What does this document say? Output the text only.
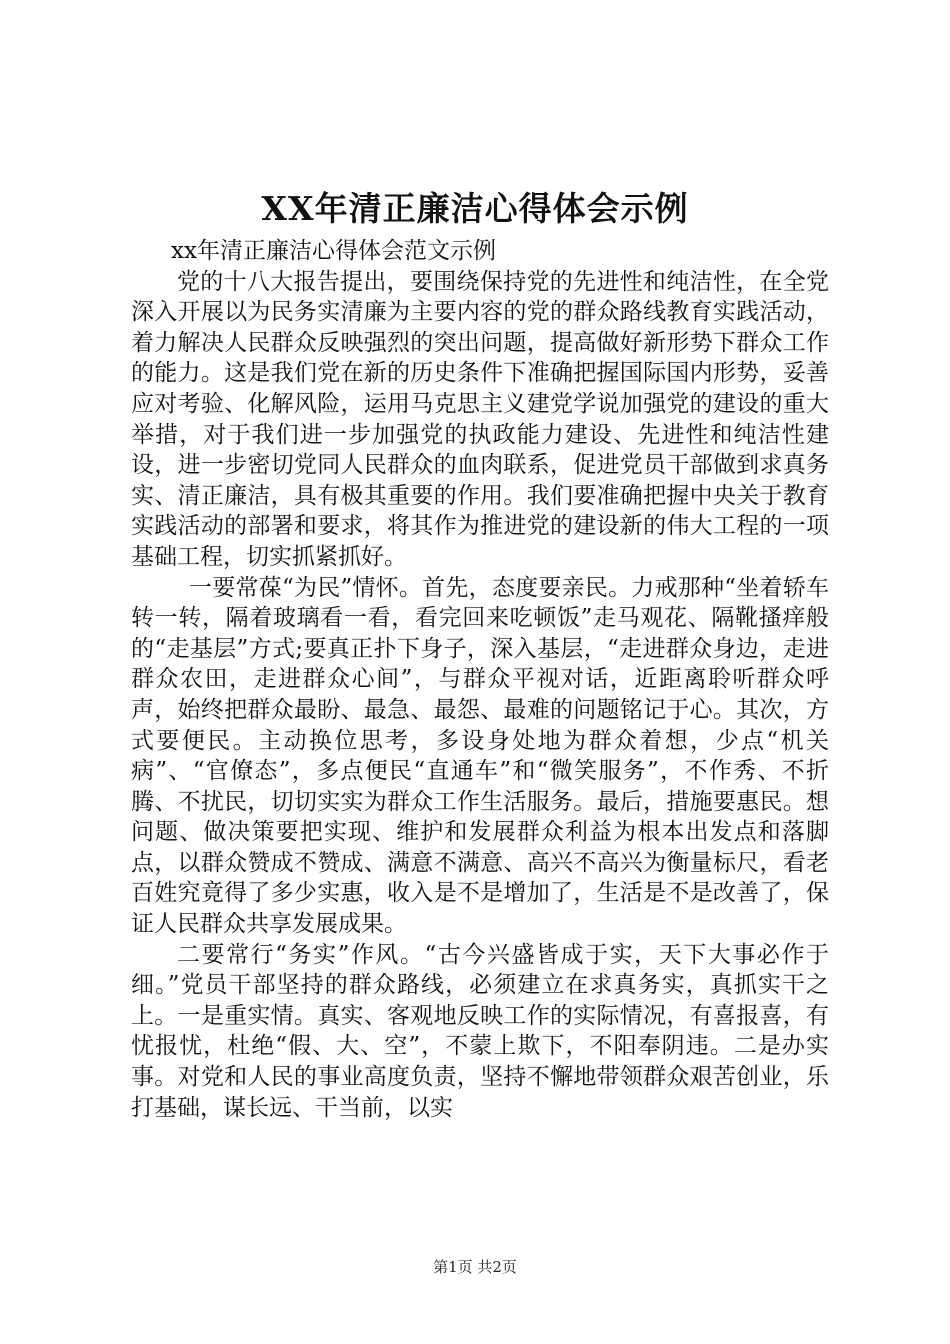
XX年清正廉洁心得体会示例

xx年清正廉洁心得体会范文示例

党的十八大报告提出，要围绕保持党的先进性和纯洁性，在全党深入开展以为民务实清廉为主要内容的党的群众路线教育实践活动，着力解决人民群众反映强烈的突出问题，提高做好新形势下群众工作的能力。这是我们党在新的历史条件下准确把握国际国内形势，妥善应对考验、化解风险，运用马克思主义建党学说加强党的建设的重大举措，对于我们进一步加强党的执政能力建设、先进性和纯洁性建设，进一步密切党同人民群众的血肉联系，促进党员干部做到求真务实、清正廉洁，具有极其重要的作用。我们要准确把握中央关于教育实践活动的部署和要求，将其作为推进党的建设新的伟大工程的一项基础工程，切实抓紧抓好。

一要常葆“为民”情怀。首先，态度要亲民。力戒那种“坐着轿车转一转，隔着玻璃看一看，看完回来吃顿饭”走马观花、隔靴搔痒般的“走基层”方式;要真正扑下身子，深入基层，“走进群众身边，走进群众农田，走进群众心间”，与群众平视对话，近距离聆听群众呼声，始终把群众最盼、最急、最怨、最难的问题铭记于心。其次，方式要便民。主动换位思考，多设身处地为群众着想，少点“机关病”、“官僚态”，多点便民“直通车”和“微笑服务”，不作秀、不折腾、不扰民，切切实实为群众工作生活服务。最后，措施要惠民。想问题、做决策要把实现、维护和发展群众利益为根本出发点和落脚点，以群众赞成不赞成、满意不满意、高兴不高兴为衡量标尺，看老百姓究竟得了多少实惠，收入是不是增加了，生活是不是改善了，保证人民群众共享发展成果。

二要常行“务实”作风。“古今兴盛皆成于实，天下大事必作于细。”党员干部坚持的群众路线，必须建立在求真务实，真抓实干之上。一是重实情。真实、客观地反映工作的实际情况，有喜报喜，有忧报忧，杜绝“假、大、空”，不蒙上欺下，不阳奉阴违。二是办实事。对党和人民的事业高度负责，坚持不懈地带领群众艰苦创业，乐打基础，谋长远、干当前，以实

第1页 共2页
